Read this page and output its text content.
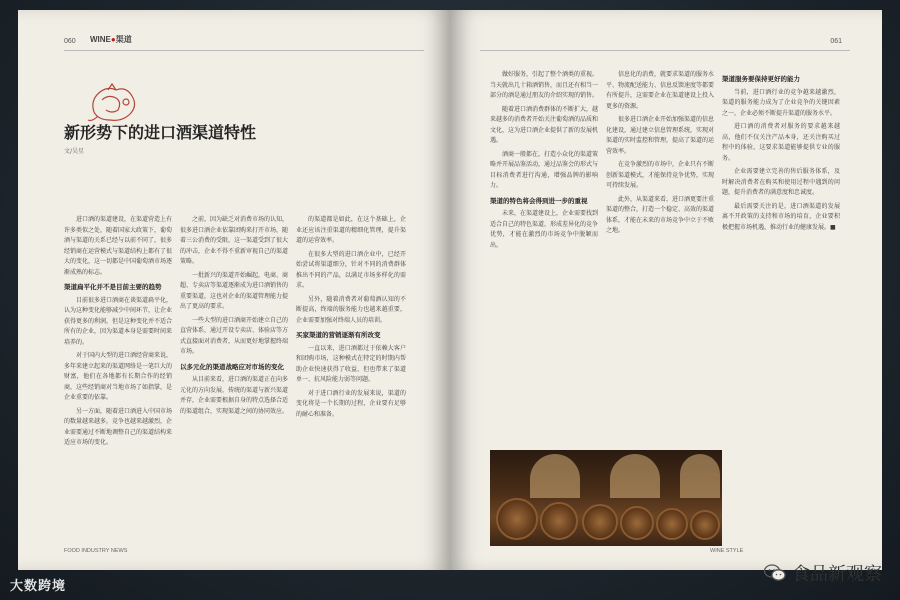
060 WINE●渠道
新形势下的进口酒渠道特性
文/吴星

进口酒的渠道建设，在渠道营造上有许多类似之处，随着国家大政策下，葡萄酒与渠道的关系已经与以前不同了，很多经销商在运营模式与渠道结构上都有了很大的变化，这一切都是中国葡萄酒市场逐渐成熟的标志。

渠道扁平化并不是目前主要的趋势

目前很多进口酒商在谈渠道扁平化，认为这种变化能够减少中间环节，让企业获得更多的利润，但是这种变化并不适合所有的企业，因为渠道本身是需要时间来培养的。

对于国内大型的进口酒经营商来说，多年来建立起来的渠道网络是一笔巨大的财富，他们在各地都有长期合作的经销商，这些经销商对当地市场了如指掌，是企业重要的依靠。

另一方面，随着进口酒进入中国市场的数量越来越多，竞争也越来越激烈，企业需要通过不断地调整自己的渠道结构来适应市场的变化。

之前，因为缺乏对消费市场的认知，很多进口酒企业依靠团购来打开市场，随着三公消费的受限，这一渠道受到了很大的冲击，企业不得不重新审视自己的渠道策略。

一批新兴的渠道开始崛起，电商、商超、专卖店等渠道逐渐成为进口酒销售的重要渠道，这也对企业的渠道管理能力提出了更高的要求。

一些大型的进口酒商开始建立自己的直营体系，通过开设专卖店、体验店等方式直接面对消费者，从而更好地掌握终端市场。

以多元化的渠道战略应对市场的变化

从目前来看，进口酒的渠道正在向多元化的方向发展，传统的渠道与新兴渠道并存，企业需要根据自身的特点选择合适的渠道组合，实现渠道之间的协同效应。

的渠道都是如此，在这个基础上，企业还应该注重渠道的精细化管理，提升渠道的运营效率。

在很多大型的进口酒企业中，已经开始尝试将渠道细分，针对不同的消费群体推出不同的产品，以满足市场多样化的需求。

另外，随着消费者对葡萄酒认知的不断提高，终端的服务能力也越来越重要，企业需要加强对终端人员的培训。

买家渠道的营销逐渐有所改变

一直以来，进口酒都过于依赖大客户和团购市场，这种模式在特定的时期内帮助企业快速获得了收益，但也带来了渠道单一、抗风险能力弱等问题。

对于进口酒行业的发展来说，渠道的变化将是一个长期的过程，企业要有足够的耐心和准备。

FOOD INDUSTRY NEWS
061

做好服务，引起了整个酒类的重视。当天就出几十箱酒销售，而且还有相当一部分的酒是通过朋友的介绍实现的销售。

随着进口酒消费群体的不断扩大，越来越多的消费者开始关注葡萄酒的品质和文化，这为进口酒企业提供了新的发展机遇。

酒商一般都在，打造小众化的渠道策略并开展品鉴活动，通过品鉴会的形式与目标消费者进行沟通，增强品牌的影响力。

渠道的特色将会得到进一步的重视

未来，在渠道建设上，企业需要找到适合自己的特色渠道，形成差异化的竞争优势，才能在激烈的市场竞争中脱颖而出。

信息化的消费，就要求渠道的服务水平、物流配送能力、信息反馈速度等都要有所提升，这需要企业在渠道建设上投入更多的资源。

很多进口酒企业开始加强渠道的信息化建设，通过建立信息管理系统，实现对渠道的实时监控和管理，提高了渠道的运营效率。

在竞争激烈的市场中，企业只有不断创新渠道模式，才能保持竞争优势，实现可持续发展。

此外，从渠道来看，进口酒更要注重渠道的整合，打造一个稳定、高效的渠道体系，才能在未来的市场竞争中立于不败之地。

渠道服务要保持更好的能力

当前，进口酒行业的竞争越来越激烈，渠道的服务能力成为了企业竞争的关键因素之一，企业必须不断提升渠道的服务水平。

进口酒的消费者对服务的要求越来越高，他们不仅关注产品本身，还关注购买过程中的体验，这要求渠道能够提供专业的服务。

企业需要建立完善的售后服务体系，及时解决消费者在购买和使用过程中遇到的问题，提升消费者的满意度和忠诚度。

最后需要关注的是，进口酒渠道的发展离不开政策的支持和市场的培育，企业要积极把握市场机遇，推动行业的健康发展。■

WINE STYLE
大数跨境
食品新观察
